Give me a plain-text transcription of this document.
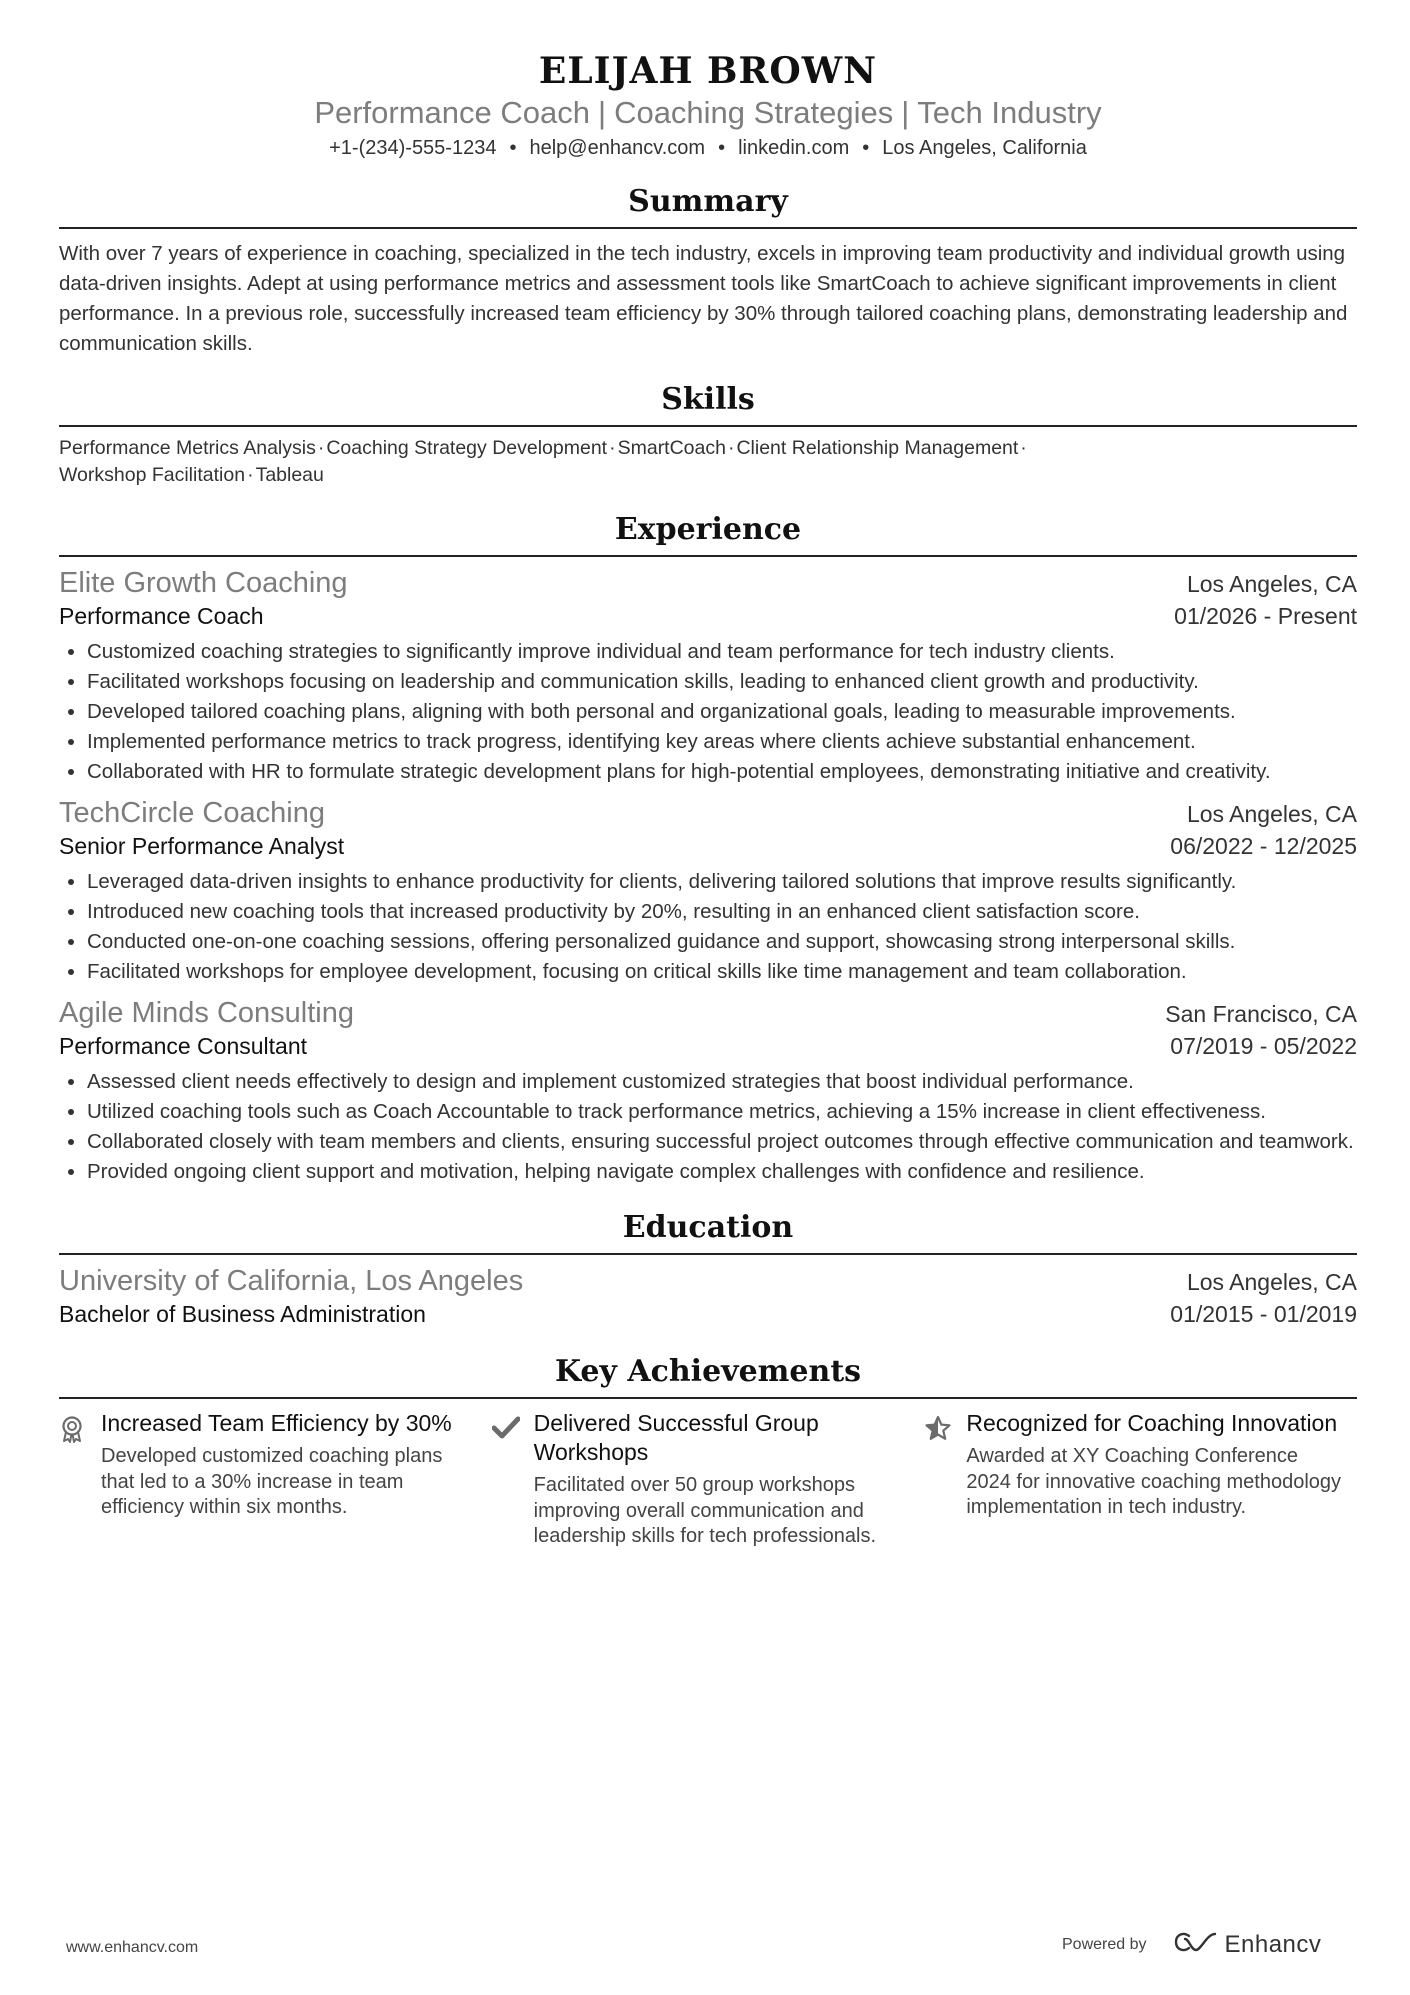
ELIJAH BROWN
Performance Coach | Coaching Strategies | Tech Industry
+1-(234)-555-1234 • help@enhancv.com • linkedin.com • Los Angeles, California
Summary
With over 7 years of experience in coaching, specialized in the tech industry, excels in improving team productivity and individual growth using data-driven insights. Adept at using performance metrics and assessment tools like SmartCoach to achieve significant improvements in client performance. In a previous role, successfully increased team efficiency by 30% through tailored coaching plans, demonstrating leadership and communication skills.
Skills
Performance Metrics Analysis · Coaching Strategy Development · SmartCoach · Client Relationship Management ·
Workshop Facilitation · Tableau
Experience
Elite Growth Coaching	Los Angeles, CA
Performance Coach	01/2026 - Present
• Customized coaching strategies to significantly improve individual and team performance for tech industry clients.
• Facilitated workshops focusing on leadership and communication skills, leading to enhanced client growth and productivity.
• Developed tailored coaching plans, aligning with both personal and organizational goals, leading to measurable improvements.
• Implemented performance metrics to track progress, identifying key areas where clients achieve substantial enhancement.
• Collaborated with HR to formulate strategic development plans for high-potential employees, demonstrating initiative and creativity.
TechCircle Coaching	Los Angeles, CA
Senior Performance Analyst	06/2022 - 12/2025
• Leveraged data-driven insights to enhance productivity for clients, delivering tailored solutions that improve results significantly.
• Introduced new coaching tools that increased productivity by 20%, resulting in an enhanced client satisfaction score.
• Conducted one-on-one coaching sessions, offering personalized guidance and support, showcasing strong interpersonal skills.
• Facilitated workshops for employee development, focusing on critical skills like time management and team collaboration.
Agile Minds Consulting	San Francisco, CA
Performance Consultant	07/2019 - 05/2022
• Assessed client needs effectively to design and implement customized strategies that boost individual performance.
• Utilized coaching tools such as Coach Accountable to track performance metrics, achieving a 15% increase in client effectiveness.
• Collaborated closely with team members and clients, ensuring successful project outcomes through effective communication and teamwork.
• Provided ongoing client support and motivation, helping navigate complex challenges with confidence and resilience.
Education
University of California, Los Angeles	Los Angeles, CA
Bachelor of Business Administration	01/2015 - 01/2019
Key Achievements
Increased Team Efficiency by 30%
Developed customized coaching plans that led to a 30% increase in team efficiency within six months.
Delivered Successful Group Workshops
Facilitated over 50 group workshops improving overall communication and leadership skills for tech professionals.
Recognized for Coaching Innovation
Awarded at XY Coaching Conference 2024 for innovative coaching methodology implementation in tech industry.
www.enhancv.com	Powered by	Enhancv
